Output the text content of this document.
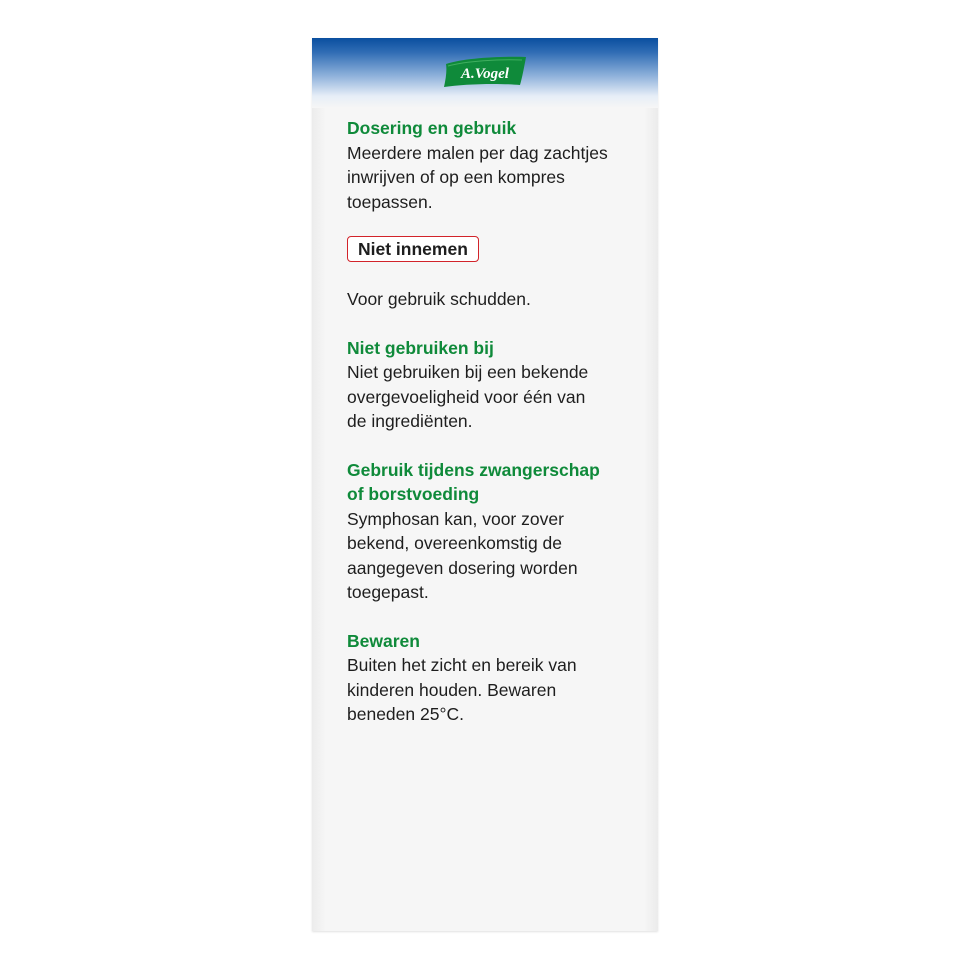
A.Vogel

Dosering en gebruik

Meerdere malen per dag zachtjes

inwrijven of op een kompres

toepassen.

Niet innemen

Voor gebruik schudden.

Niet gebruiken bij

Niet gebruiken bij een bekende

overgevoeligheid voor één van

de ingrediënten.

Gebruik tijdens zwangerschap

of borstvoeding

Symphosan kan, voor zover

bekend, overeenkomstig de

aangegeven dosering worden

toegepast.

Bewaren

Buiten het zicht en bereik van

kinderen houden. Bewaren

beneden 25°C.
